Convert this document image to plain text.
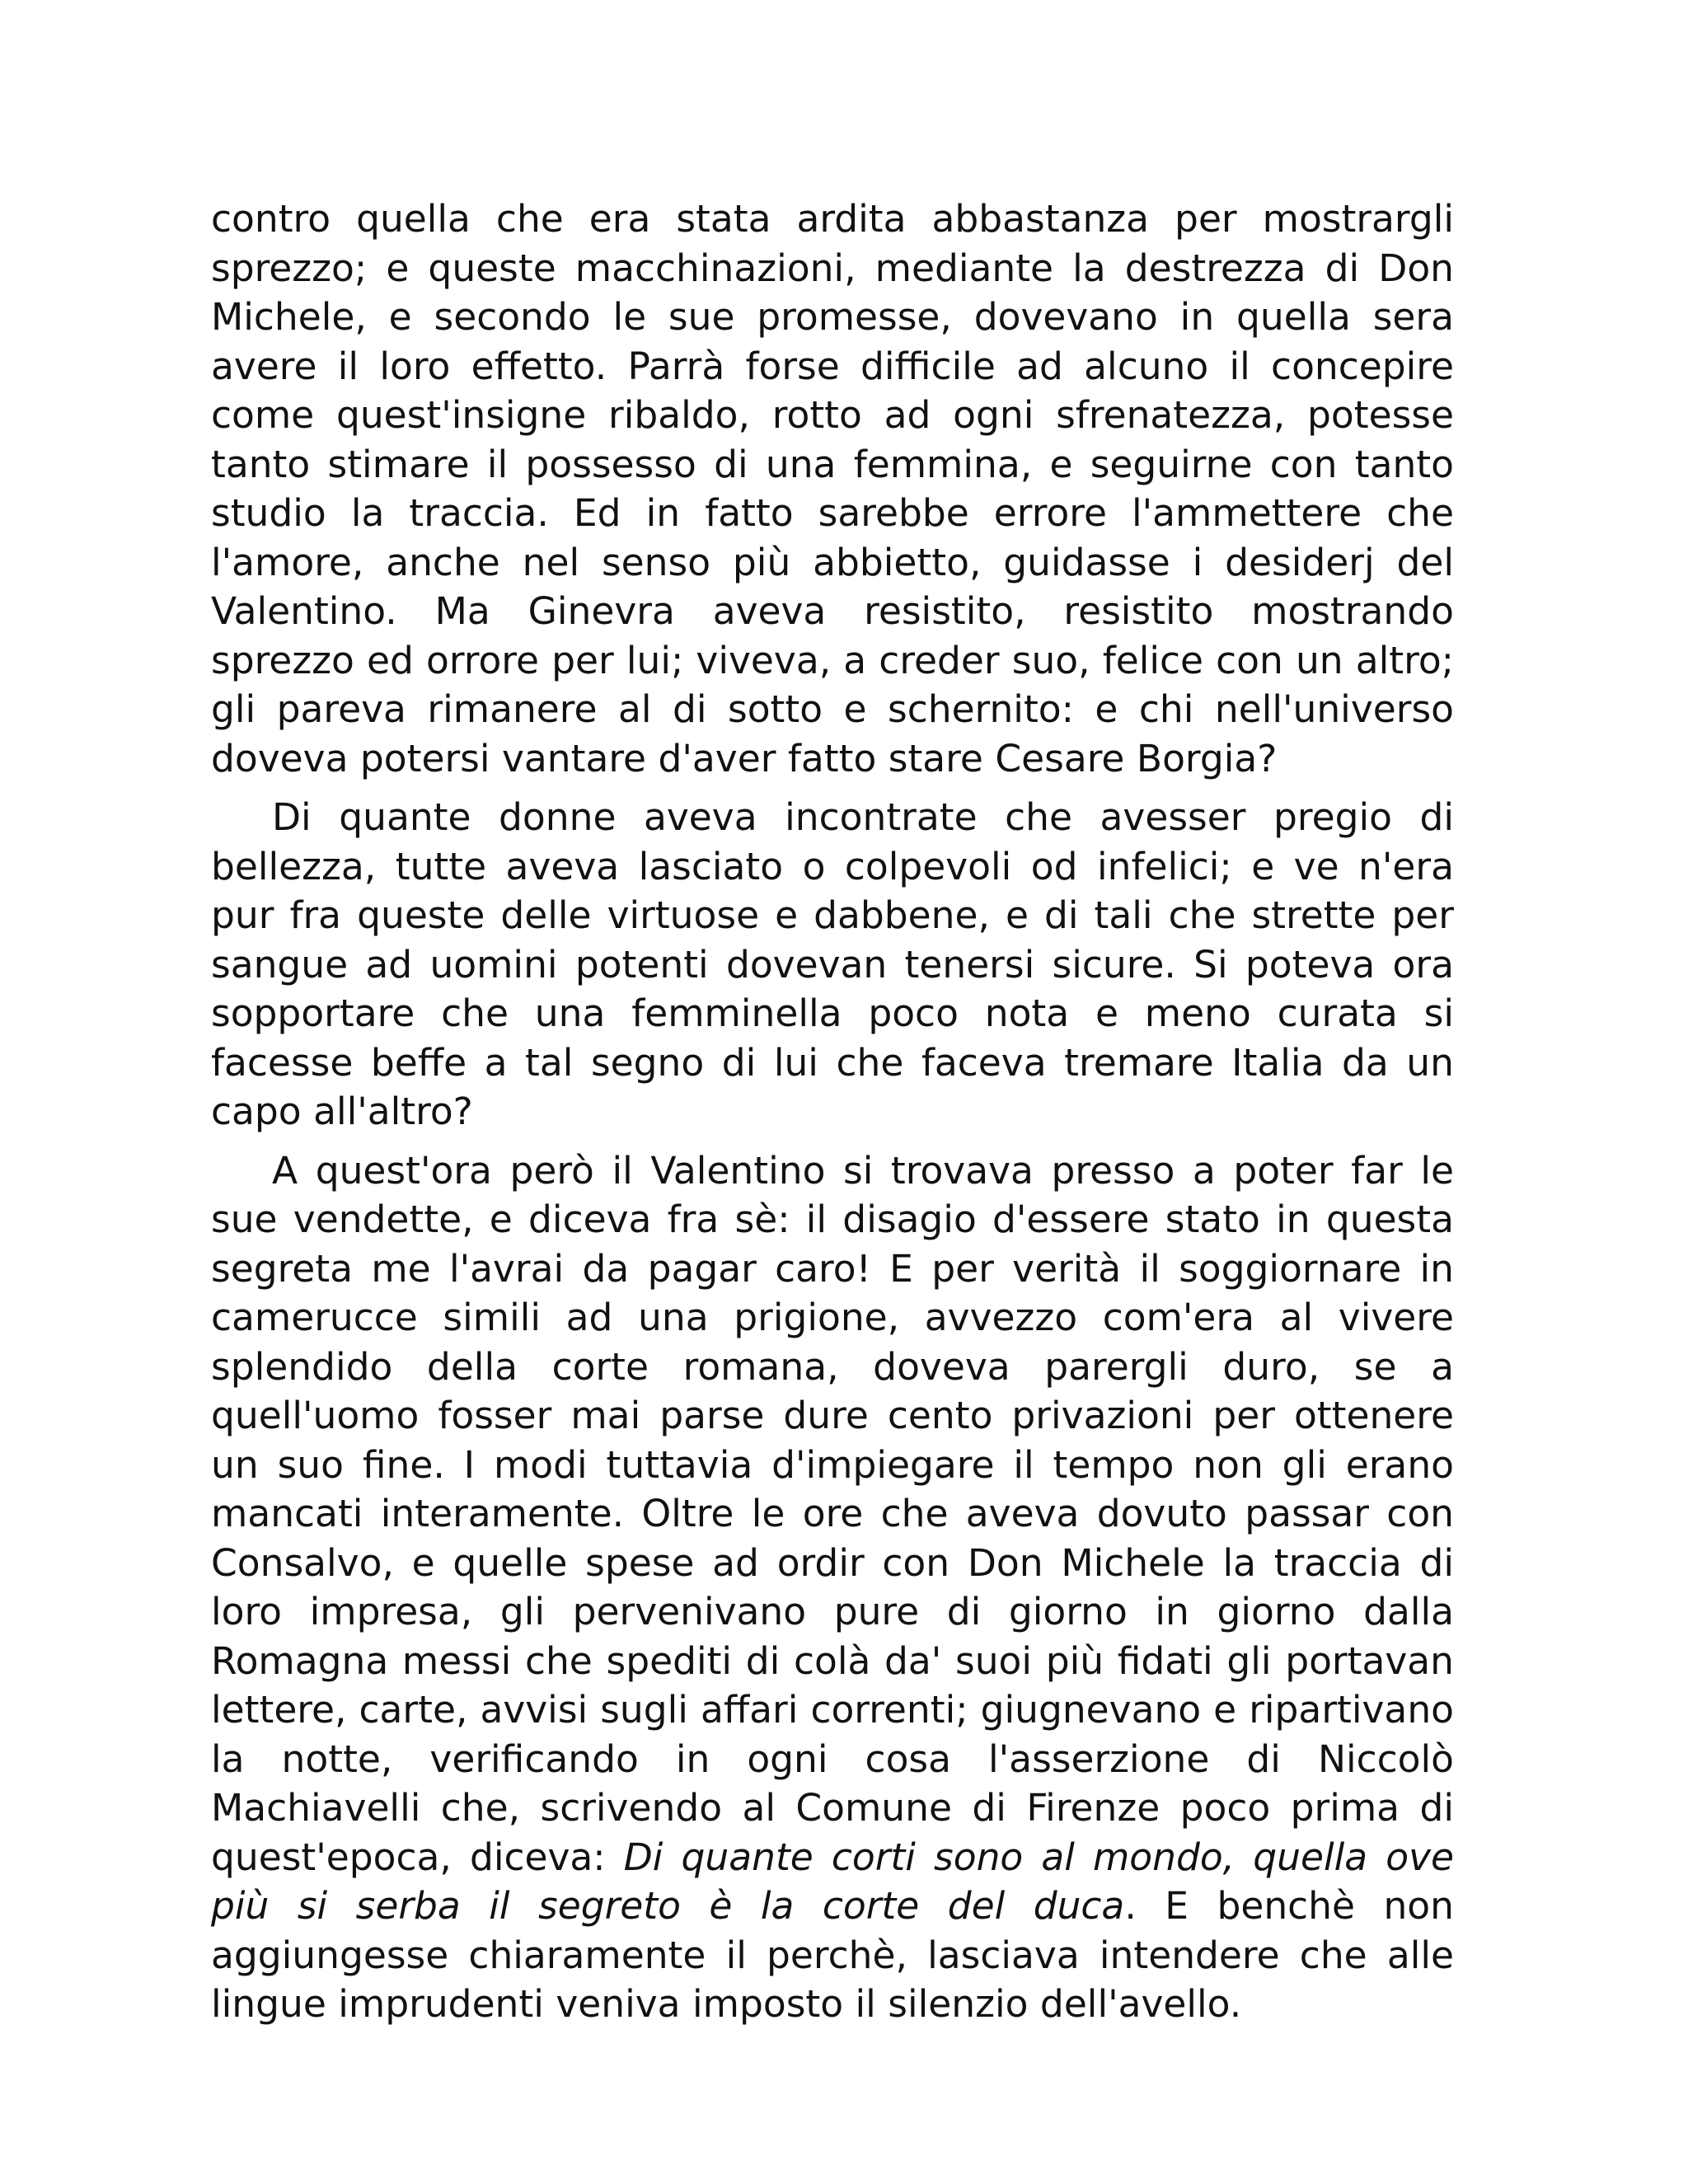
contro quella che era stata ardita abbastanza per mostrargli sprezzo; e queste macchinazioni, mediante la destrezza di Don Michele, e secondo le sue promesse, dovevano in quella sera avere il loro effetto. Parrà forse difficile ad alcuno il concepire come quest'insigne ribaldo, rotto ad ogni sfrenatezza, potesse tanto stimare il possesso di una femmina, e seguirne con tanto studio la traccia. Ed in fatto sarebbe errore l'ammettere che l'amore, anche nel senso più abbietto, guidasse i desiderj del Valentino. Ma Ginevra aveva resistito, resistito mostrando sprezzo ed orrore per lui; viveva, a creder suo, felice con un altro; gli pareva rimanere al di sotto e schernito: e chi nell'universo doveva potersi vantare d'aver fatto stare Cesare Borgia?

Di quante donne aveva incontrate che avesser pregio di bellezza, tutte aveva lasciato o colpevoli od infelici; e ve n'era pur fra queste delle virtuose e dabbene, e di tali che strette per sangue ad uomini potenti dovevan tenersi sicure. Si poteva ora sopportare che una femminella poco nota e meno curata si facesse beffe a tal segno di lui che faceva tremare Italia da un capo all'altro?

A quest'ora però il Valentino si trovava presso a poter far le sue vendette, e diceva fra sè: il disagio d'essere stato in questa segreta me l'avrai da pagar caro! E per verità il soggiornare in camerucce simili ad una prigione, avvezzo com'era al vivere splendido della corte romana, doveva parergli duro, se a quell'uomo fosser mai parse dure cento privazioni per ottenere un suo fine. I modi tuttavia d'impiegare il tempo non gli erano mancati interamente. Oltre le ore che aveva dovuto passar con Consalvo, e quelle spese ad ordir con Don Michele la traccia di loro impresa, gli pervenivano pure di giorno in giorno dalla Romagna messi che spediti di colà da' suoi più fidati gli portavan lettere, carte, avvisi sugli affari correnti; giugnevano e ripartivano la notte, verificando in ogni cosa l'asserzione di Niccolò Machiavelli che, scrivendo al Comune di Firenze poco prima di quest'epoca, diceva: Di quante corti sono al mondo, quella ove più si serba il segreto è la corte del duca. E benchè non aggiungesse chiaramente il perchè, lasciava intendere che alle lingue imprudenti veniva imposto il silenzio dell'avello.
